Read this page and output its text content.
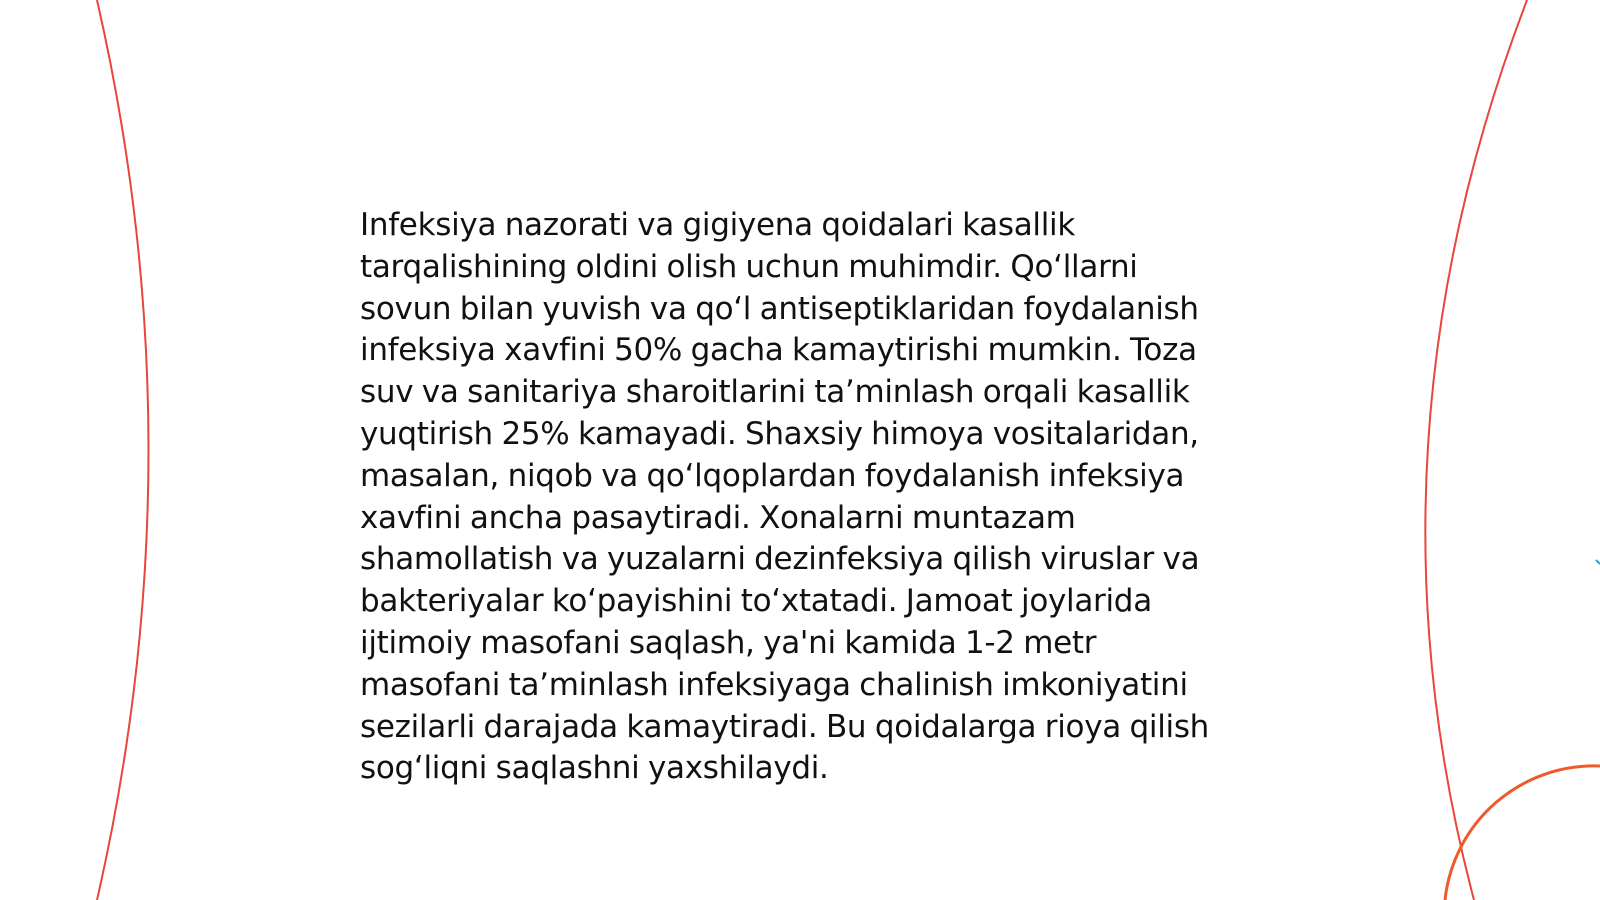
Infeksiya nazorati va gigiyena qoidalari kasallik tarqalishining oldini olish uchun muhimdir. Qo‘llarni sovun bilan yuvish va qo‘l antiseptiklaridan foydalanish infeksiya xavfini 50% gacha kamaytirishi mumkin. Toza suv va sanitariya sharoitlarini ta’minlash orqali kasallik yuqtirish 25% kamayadi. Shaxsiy himoya vositalaridan, masalan, niqob va qo‘lqoplardan foydalanish infeksiya xavfini ancha pasaytiradi. Xonalarni muntazam shamollatish va yuzalarni dezinfeksiya qilish viruslar va bakteriyalar ko‘payishini to‘xtatadi. Jamoat joylarida ijtimoiy masofani saqlash, ya'ni kamida 1-2 metr masofani ta’minlash infeksiyaga chalinish imkoniyatini sezilarli darajada kamaytiradi. Bu qoidalarga rioya qilish sog‘liqni saqlashni yaxshilaydi.
